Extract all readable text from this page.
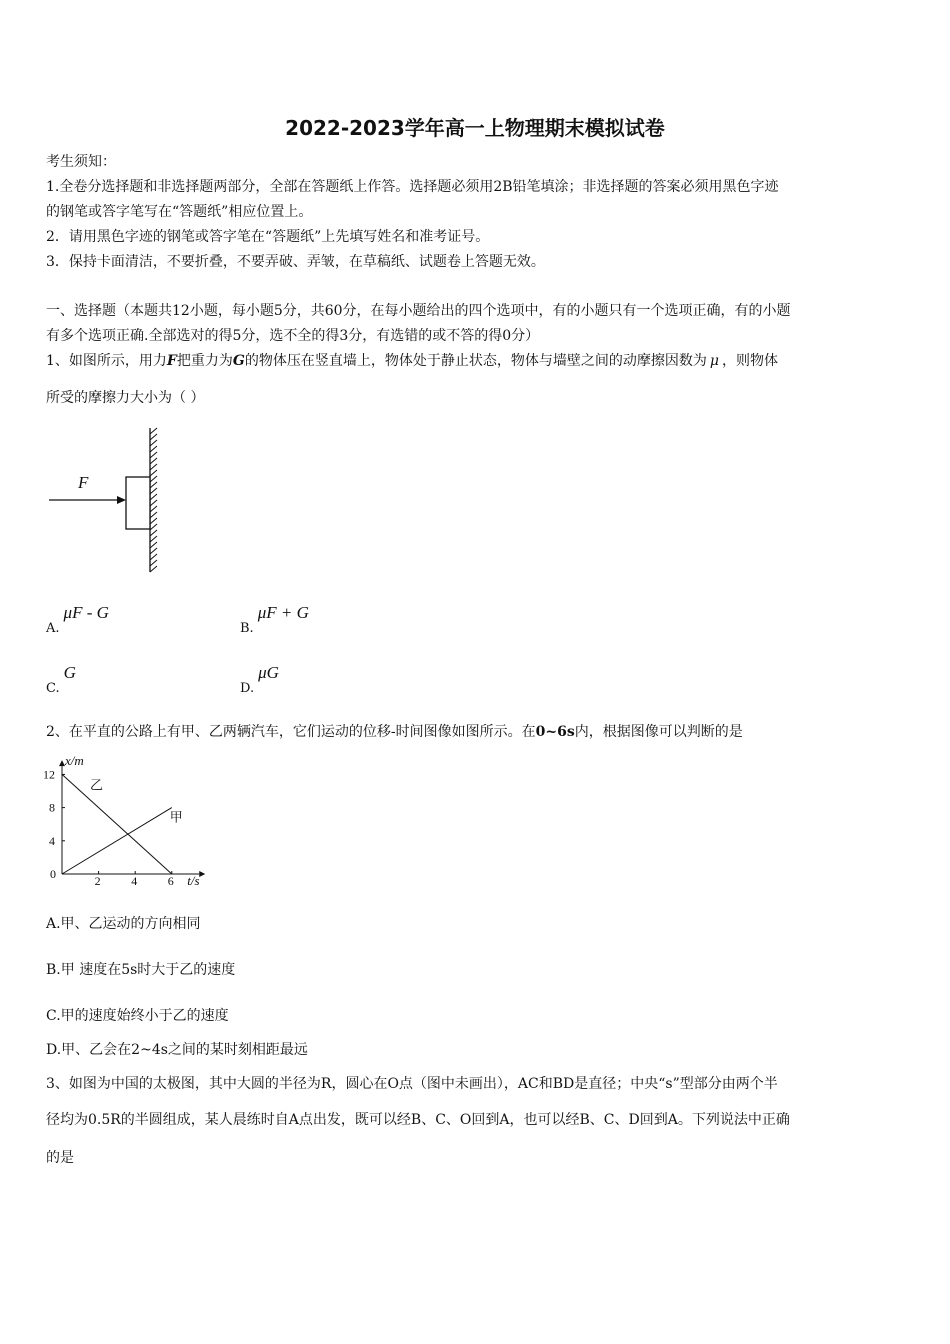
2022-2023学年高一上物理期末模拟试卷
考生须知：
1.全卷分选择题和非选择题两部分，全部在答题纸上作答。选择题必须用2B铅笔填涂；非选择题的答案必须用黑色字迹
的钢笔或答字笔写在“答题纸”相应位置上。
2．请用黑色字迹的钢笔或答字笔在“答题纸”上先填写姓名和准考证号。
3．保持卡面清洁，不要折叠，不要弄破、弄皱，在草稿纸、试题卷上答题无效。
一、选择题（本题共12小题，每小题5分，共60分，在每小题给出的四个选项中，有的小题只有一个选项正确，有的小题
有多个选项正确.全部选对的得5分，选不全的得3分，有选错的或不答的得0分）
1、如图所示，用力F把重力为G的物体压在竖直墙上，物体处于静止状态，物体与墙壁之间的动摩擦因数为 μ ，则物体
所受的摩擦力大小为（ ）
F
A.μF - G
B.μF + G
C.G
D.μG
2、在平直的公路上有甲、乙两辆汽车，它们运动的位移-时间图像如图所示。在0~6s内，根据图像可以判断的是
x/m
t/s
0	2	4	6
12
8
4
乙
甲
A.甲、乙运动的方向相同
B.甲 速度在5s时大于乙的速度
C.甲的速度始终小于乙的速度
D.甲、乙会在2~4s之间的某时刻相距最远
3、如图为中国的太极图，其中大圆的半径为R，圆心在O点（图中未画出），AC和BD是直径；中央“s”型部分由两个半
径均为0.5R的半圆组成，某人晨练时自A点出发，既可以经B、C、O回到A，也可以经B、C、D回到A。下列说法中正确
的是
